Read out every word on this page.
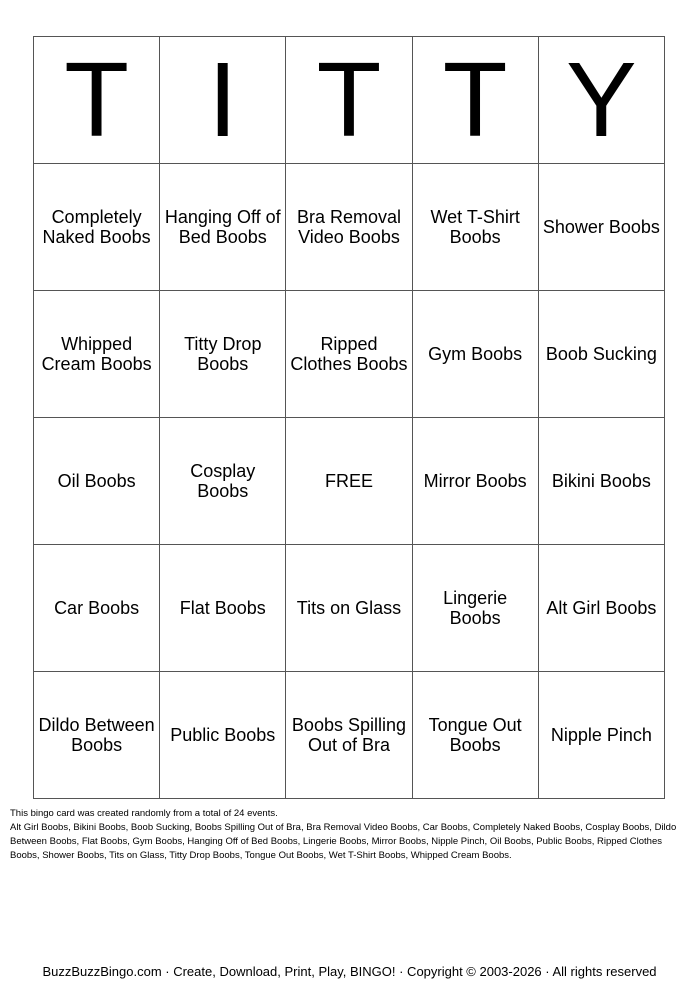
T	I	T	T	Y
Completely Naked Boobs	Hanging Off of Bed Boobs	Bra Removal Video Boobs	Wet T-Shirt Boobs	Shower Boobs
Whipped Cream Boobs	Titty Drop Boobs	Ripped Clothes Boobs	Gym Boobs	Boob Sucking
Oil Boobs	Cosplay Boobs	FREE	Mirror Boobs	Bikini Boobs
Car Boobs	Flat Boobs	Tits on Glass	Lingerie Boobs	Alt Girl Boobs
Dildo Between Boobs	Public Boobs	Boobs Spilling Out of Bra	Tongue Out Boobs	Nipple Pinch

This bingo card was created randomly from a total of 24 events.

Alt Girl Boobs, Bikini Boobs, Boob Sucking, Boobs Spilling Out of Bra, Bra Removal Video Boobs, Car Boobs, Completely Naked Boobs, Cosplay Boobs, Dildo Between Boobs, Flat Boobs, Gym Boobs, Hanging Off of Bed Boobs, Lingerie Boobs, Mirror Boobs, Nipple Pinch, Oil Boobs, Public Boobs, Ripped Clothes Boobs, Shower Boobs, Tits on Glass, Titty Drop Boobs, Tongue Out Boobs, Wet T-Shirt Boobs, Whipped Cream Boobs.

BuzzBuzzBingo.com · Create, Download, Print, Play, BINGO! · Copyright © 2003-2026 · All rights reserved
